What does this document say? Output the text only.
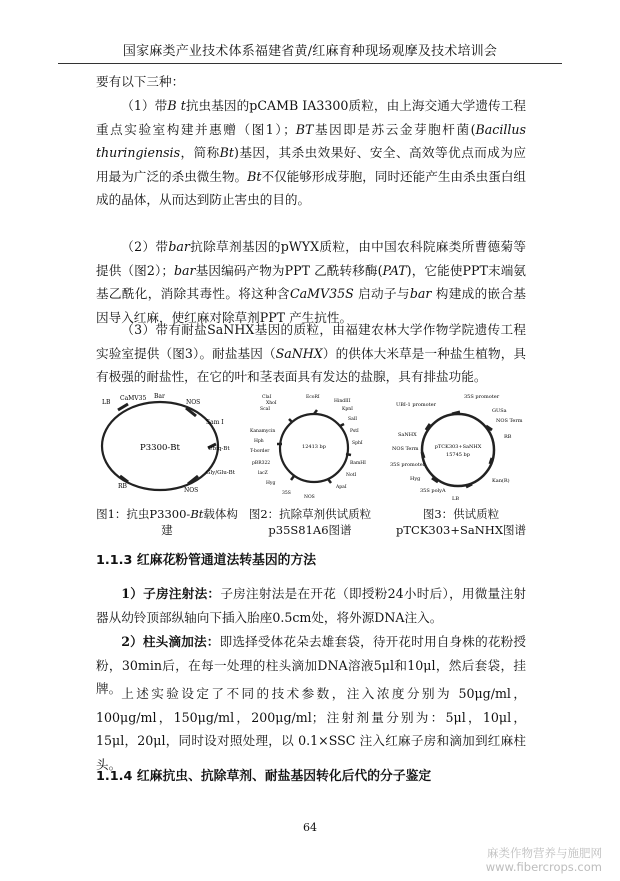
国家麻类产业技术体系福建省黄/红麻育种现场观摩及技术培训会

要有以下三种：

（1）带B t抗虫基因的pCAMB IA3300质粒，由上海交通大学遗传工程重点实验室构建并惠赠（图1）；BT基因即是苏云金芽胞杆菌(Bacillus thuringiensis，简称Bt)基因，其杀虫效果好、安全、高效等优点而成为应用最为广泛的杀虫微生物。Bt不仅能够形成芽胞，同时还能产生由杀虫蛋白组成的晶体，从而达到防止害虫的目的。

（2）带bar抗除草剂基因的pWYX质粒，由中国农科院麻类所曹德菊等提供（图2）；bar基因编码产物为PPT 乙酰转移酶(PAT)，它能使PPT末端氨基乙酰化，消除其毒性。将这种含CaMV35S 启动子与bar 构建成的嵌合基因导入红麻，使红麻对除草剂PPT 产生抗性。

（3）带有耐盐SaNHX基因的质粒，由福建农林大学作物学院遗传工程实验室提供（图3）。耐盐基因（SaNHX）的供体大米草是一种盐生植物，具有极强的耐盐性，在它的叶和茎表面具有发达的盐腺，具有排盐功能。

P3300-Bt
LB
CaMV35 Bar
NOS
Sam I
RB
NOS
Gly/Glu-Bt
Ubiq-Bt
图1：抗虫P3300-Bt载体构建
12413 bp
ClaI
XhoI
ScaI
EcoRI
HindIII
KpnI
SalI
PstI
SphI
BamHI
NotI
ApaI
Kanamycin
Hph
T-border
pBR322
lacZ
Hyg
35S
NOS
图2：抗除草剂供试质粒
p35S81A6图谱
pTCK303+SaNHX
15745 bp
35S promoter
UBI-1 promoter
GUSa
NOS Term
RB
SaNHX
NOS Term
35S promoter
Hyg
35S polyA
LB
Kan(R)
图3：供试质粒
pTCK303+SaNHX图谱
1.1.3 红麻花粉管通道法转基因的方法

1）子房注射法：子房注射法是在开花（即授粉24小时后），用微量注射器从幼铃顶部纵轴向下插入胎座0.5cm处，将外源DNA注入。

2）柱头滴加法：即选择受体花朵去雄套袋，待开花时用自身株的花粉授粉，30min后，在每一处理的柱头滴加DNA溶液5μl和10μl，然后套袋，挂牌。 上述实验设定了不同的技术参数，注入浓度分别为 50μg/ml，100μg/ml，150μg/ml，200μg/ml；注射剂量分别为：5μl，10μl，15μl，20μl，同时设对照处理，以 0.1×SSC 注入红麻子房和滴加到红麻柱头。

1.1.4 红麻抗虫、抗除草剂、耐盐基因转化后代的分子鉴定
64
麻类作物营养与施肥网
www.fibercrops.com
